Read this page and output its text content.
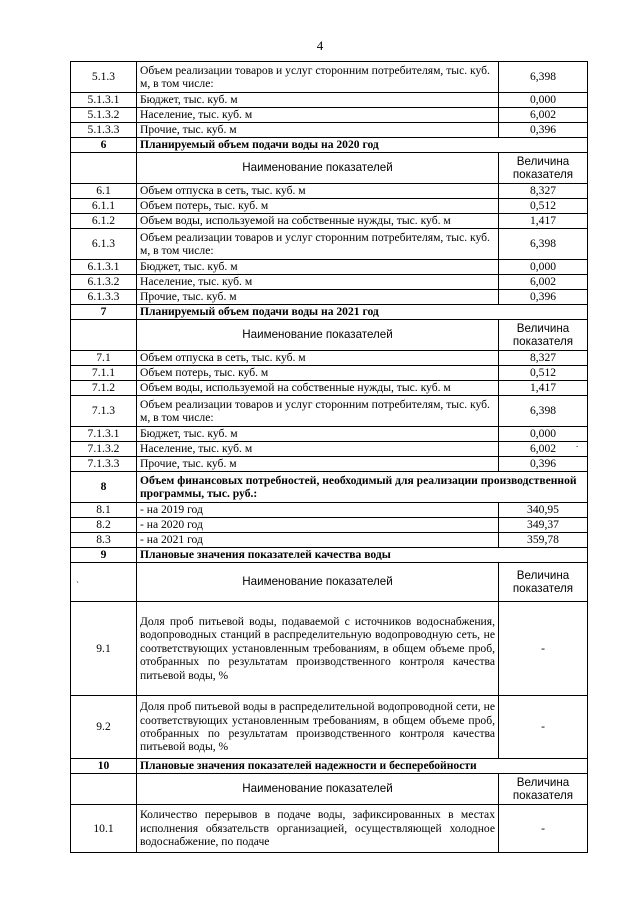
4
5.1.3	Объем реализации товаров и услуг сторонним потребителям, тыс. куб. м, в том числе:	6,398
5.1.3.1	Бюджет, тыс. куб. м	0,000
5.1.3.2	Население, тыс. куб. м	6,002
5.1.3.3	Прочие, тыс. куб. м	0,396
6	Планируемый объем подачи воды на 2020 год	
	Наименование показателей	Величина показателя
6.1	Объем отпуска в сеть, тыс. куб. м	8,327
6.1.1	Объем потерь, тыс. куб. м	0,512
6.1.2	Объем воды, используемой на собственные нужды, тыс. куб. м	1,417
6.1.3	Объем реализации товаров и услуг сторонним потребителям, тыс. куб. м, в том числе:	6,398
6.1.3.1	Бюджет, тыс. куб. м	0,000
6.1.3.2	Население, тыс. куб. м	6,002
6.1.3.3	Прочие, тыс. куб. м	0,396
7	Планируемый объем подачи воды на 2021 год	
	Наименование показателей	Величина показателя
7.1	Объем отпуска в сеть, тыс. куб. м	8,327
7.1.1	Объем потерь, тыс. куб. м	0,512
7.1.2	Объем воды, используемой на собственные нужды, тыс. куб. м	1,417
7.1.3	Объем реализации товаров и услуг сторонним потребителям, тыс. куб. м, в том числе:	6,398
7.1.3.1	Бюджет, тыс. куб. м	0,000
7.1.3.2	Население, тыс. куб. м	6,002
7.1.3.3	Прочие, тыс. куб. м	0,396
8	Объем финансовых потребностей, необходимый для реализации производственной программы, тыс. руб.:	
8.1	- на 2019 год	340,95
8.2	- на 2020 год	349,37
8.3	- на 2021 год	359,78
9	Плановые значения показателей качества воды	
	Наименование показателей	Величина показателя
9.1	Доля проб питьевой воды, подаваемой с источников водоснабжения, водопроводных станций в распределительную водопроводную сеть, не соответствующих установленным требованиям, в общем объеме проб, отобранных по результатам производственного контроля качества питьевой воды, %	-
9.2	Доля проб питьевой воды в распределительной водопроводной сети, не соответствующих установленным требованиям, в общем объеме проб, отобранных по результатам производственного контроля качества питьевой воды, %	-
10	Плановые значения показателей надежности и бесперебойности	
	Наименование показателей	Величина показателя
10.1	Количество перерывов в подаче воды, зафиксированных в местах исполнения обязательств организацией, осуществляющей холодное водоснабжение, по подаче	-
ˋ
.
